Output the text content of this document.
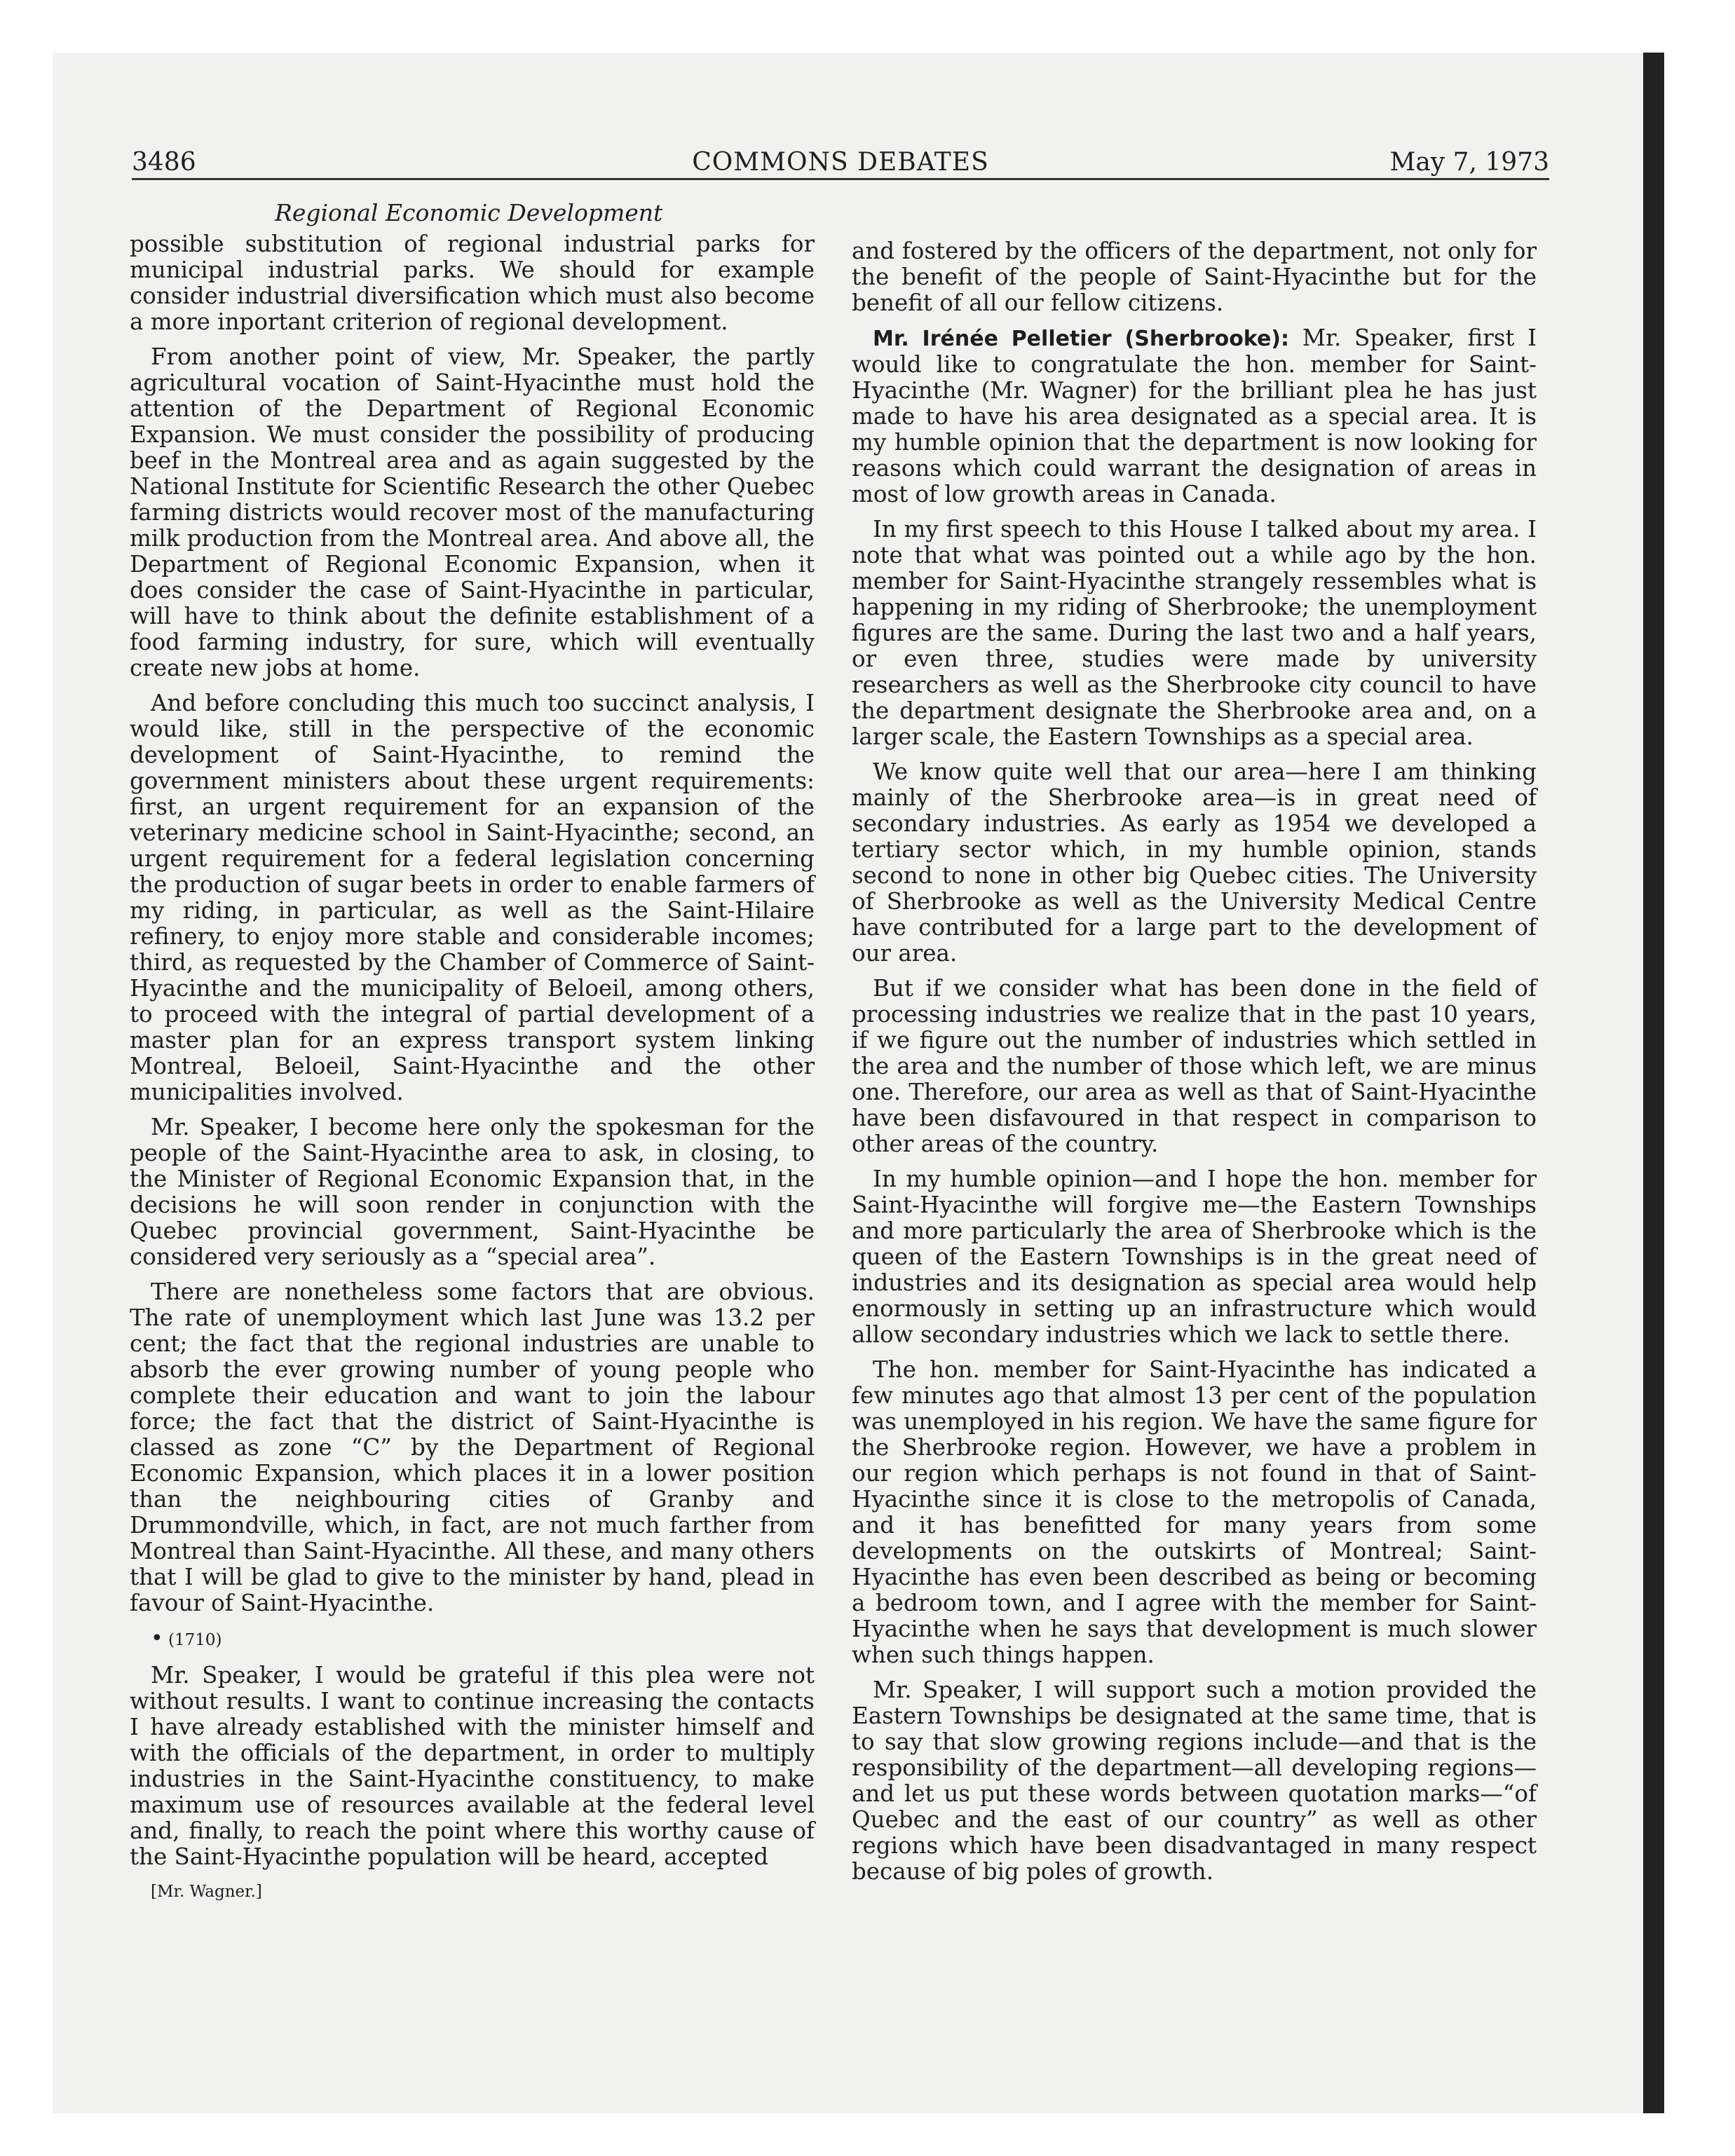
3486	COMMONS DEBATES	May 7, 1973
Regional Economic Development

possible substitution of regional industrial parks for municipal industrial parks. We should for example consider industrial diversification which must also become a more inportant criterion of regional development.

From another point of view, Mr. Speaker, the partly agricultural vocation of Saint-Hyacinthe must hold the attention of the Department of Regional Economic Expansion. We must consider the possibility of producing beef in the Montreal area and as again suggested by the National Institute for Scientific Research the other Quebec farming districts would recover most of the manufacturing milk production from the Montreal area. And above all, the Department of Regional Economic Expansion, when it does consider the case of Saint-Hyacinthe in particular, will have to think about the definite establishment of a food farming industry, for sure, which will eventually create new jobs at home.

And before concluding this much too succinct analysis, I would like, still in the perspective of the economic development of Saint-Hyacinthe, to remind the government ministers about these urgent requirements: first, an urgent requirement for an expansion of the veterinary medicine school in Saint-Hyacinthe; second, an urgent requirement for a federal legislation concerning the production of sugar beets in order to enable farmers of my riding, in particular, as well as the Saint-Hilaire refinery, to enjoy more stable and considerable incomes; third, as requested by the Chamber of Commerce of Saint-Hyacinthe and the municipality of Beloeil, among others, to proceed with the integral of partial development of a master plan for an express transport system linking Montreal, Beloeil, Saint-Hyacinthe and the other municipalities involved.

Mr. Speaker, I become here only the spokesman for the people of the Saint-Hyacinthe area to ask, in closing, to the Minister of Regional Economic Expansion that, in the decisions he will soon render in conjunction with the Quebec provincial government, Saint-Hyacinthe be considered very seriously as a “special area”.

There are nonetheless some factors that are obvious. The rate of unemployment which last June was 13.2 per cent; the fact that the regional industries are unable to absorb the ever growing number of young people who complete their education and want to join the labour force; the fact that the district of Saint-Hyacinthe is classed as zone “C” by the Department of Regional Economic Expansion, which places it in a lower position than the neighbouring cities of Granby and Drummondville, which, in fact, are not much farther from Montreal than Saint-Hyacinthe. All these, and many others that I will be glad to give to the minister by hand, plead in favour of Saint-Hyacinthe.

• (1710)

Mr. Speaker, I would be grateful if this plea were not without results. I want to continue increasing the contacts I have already established with the minister himself and with the officials of the department, in order to multiply industries in the Saint-Hyacinthe constituency, to make maximum use of resources available at the federal level and, finally, to reach the point where this worthy cause of the Saint-Hyacinthe population will be heard, accepted

[Mr. Wagner.]

and fostered by the officers of the department, not only for the benefit of the people of Saint-Hyacinthe but for the benefit of all our fellow citizens.

Mr. Irénée Pelletier (Sherbrooke): Mr. Speaker, first I would like to congratulate the hon. member for Saint-Hyacinthe (Mr. Wagner) for the brilliant plea he has just made to have his area designated as a special area. It is my humble opinion that the department is now looking for reasons which could warrant the designation of areas in most of low growth areas in Canada.

In my first speech to this House I talked about my area. I note that what was pointed out a while ago by the hon. member for Saint-Hyacinthe strangely ressembles what is happening in my riding of Sherbrooke; the unemployment figures are the same. During the last two and a half years, or even three, studies were made by university researchers as well as the Sherbrooke city council to have the department designate the Sherbrooke area and, on a larger scale, the Eastern Townships as a special area.

We know quite well that our area—here I am thinking mainly of the Sherbrooke area—is in great need of secondary industries. As early as 1954 we developed a tertiary sector which, in my humble opinion, stands second to none in other big Quebec cities. The University of Sherbrooke as well as the University Medical Centre have contributed for a large part to the development of our area.

But if we consider what has been done in the field of processing industries we realize that in the past 10 years, if we figure out the number of industries which settled in the area and the number of those which left, we are minus one. Therefore, our area as well as that of Saint-Hyacinthe have been disfavoured in that respect in comparison to other areas of the country.

In my humble opinion—and I hope the hon. member for Saint-Hyacinthe will forgive me—the Eastern Townships and more particularly the area of Sherbrooke which is the queen of the Eastern Townships is in the great need of industries and its designation as special area would help enormously in setting up an infrastructure which would allow secondary industries which we lack to settle there.

The hon. member for Saint-Hyacinthe has indicated a few minutes ago that almost 13 per cent of the population was unemployed in his region. We have the same figure for the Sherbrooke region. However, we have a problem in our region which perhaps is not found in that of Saint-Hyacinthe since it is close to the metropolis of Canada, and it has benefitted for many years from some developments on the outskirts of Montreal; Saint-Hyacinthe has even been described as being or becoming a bedroom town, and I agree with the member for Saint-Hyacinthe when he says that development is much slower when such things happen.

Mr. Speaker, I will support such a motion provided the Eastern Townships be designated at the same time, that is to say that slow growing regions include—and that is the responsibility of the department—all developing regions—and let us put these words between quotation marks—“of Quebec and the east of our country” as well as other regions which have been disadvantaged in many respect because of big poles of growth.
